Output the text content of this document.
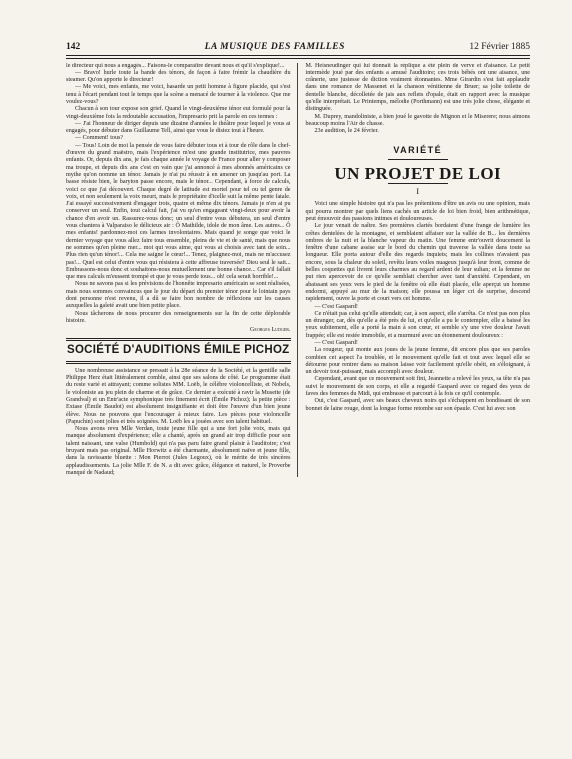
142	LA MUSIQUE DES FAMILLES	12 Février 1885

le directeur qui nous a engagés... Faisons-le comparaître devant nous et qu'il s'explique!...

— Bravo! hurle toute la bande des ténors, de façon à faire frémir la chaudière du steamer. Qu'on apporte le directeur!

— Me voici, mes enfants, me voici, hasarde un petit homme à figure placide, qui s'est tenu à l'écart pendant tout le temps que la scène a menacé de tourner à la violence. Que me voulez-vous?

Chacun à son tour expose son grief. Quand le vingt-deuxième ténor eut formulé pour la vingt-deuxième fois la redoutable accusation, l'impresario prit la parole en ces termes :

— J'ai l'honneur de diriger depuis une dizaine d'années le théâtre pour lequel je vous ai engagés, pour débuter dans Guillaume Tell, ainsi que vous le disiez tout à l'heure.

— Comment! tous?

— Tous! Loin de moi la pensée de vous faire débuter tous et à tour de rôle dans le chef-d'œuvre du grand maëstro, mais l'expérience m'est une grande institutrice, mes pauvres enfants. Or, depuis dix ans, je fais chaque année le voyage de France pour aller y composer ma troupe, et depuis dix ans c'est en vain que j'ai annoncé à mes abonnés américains ce mythe qu'on nomme un ténor. Jamais je n'ai pu réussir à en amener un jusqu'au port. La basse résiste bien, le baryton passe encore, mais le ténor... Cependant, à force de calculs, voici ce que j'ai découvert. Chaque degré de latitude est mortel pour tel ou tel genre de voix, et non seulement la voix meurt, mais le propriétaire d'icelle suit la même pente fatale. J'ai essayé successivement d'engager trois, quatre et même dix ténors. Jamais je n'en ai pu conserver un seul. Enfin, tout calcul fait, j'ai vu qu'en engageant vingt-deux pour avoir la chance d'en avoir un. Rassurez-vous donc; un seul d'entre vous débutera, un seul d'entre vous chantera à Valparaiso le délicieux air : Ô Mathilde, idole de mon âme. Les autres... Ô mes enfants! pardonnez-moi ces larmes involontaires. Mais quand je songe que voici le dernier voyage que vous allez faire tous ensemble, pleins de vie et de santé, mais que nous ne sommes qu'en pleine mer... moi qui vous aime, qui vous ai choisis avec tant de soin... Plus rien qu'un ténor!... Cela me saigne le cœur!... Tenez, plaignez-moi, mais ne m'accusez pas!... Quel est celui d'entre vous qui résistera à cette affreuse traversée? Dieu seul le sait... Embrassons-nous donc et souhaitons-nous mutuellement une bonne chance... Car s'il fallait que mes calculs m'eussent trompé et que je vous perde tous... oh! cela serait horrible!...

Nous ne savons pas si les prévisions de l'honnête impresario américain se sont réalisées, mais nous sommes convaincus que le jour du départ du premier ténor pour le lointain pays dont personne n'est revenu, il a dû se faire bon nombre de réflexions sur les causes auxquelles la gaîeté avait une bien petite place.

Nous tâcherons de nous procurer des renseignements sur la fin de cette déplorable histoire.

Georges Ludger.

SOCIÉTÉ D'AUDITIONS ÉMILE PICHOZ

Une nombreuse assistance se pressait à la 28e séance de la Société, et la gentille salle Philippe Herz était littéralement comble, ainsi que ses salons de côté. Le programme était du reste varié et attrayant; comme solistes MM. Loëb, le célèbre violoncelliste, et Nobels, le violoniste au jeu plein de charme et de grâce. Ce dernier a exécuté à ravir la Musette (de Grandval) et un Entr'acte symphonique très finement écrit (Émile Pichoz); la petite pièce : Extase (Émile Baudot) est absolument insignifiante et doit être l'œuvre d'un bien jeune élève. Nous ne pouvons que l'encourager à mieux faire. Les pièces pour violoncelle (Papuchin) sont jolies et très soignées. M. Loëb les a jouées avec son talent habituel.

Nous avons revu Mlle Verdan, toute jeune fille qui a une fort jolie voix, mais qui manque absolument d'expérience; elle a chanté, après un grand air trop difficile pour son talent naissant, une valse (Humbold) qui n'a pas paru faire grand plaisir à l'auditoire; c'est bruyant mais pas original. Mlle Horwitz a été charmante, absolument naïve et jeune fille, dans la ravissante bluette : Mon Pierrot (Jules Legoux), où le mérite de très sincères applaudissements. La jolie Mlle F. de N. a dit avec grâce, élégance et naturel, le Proverbe manqué de Nadaud;

M. Heisneudinger qui lui donnait la réplique a été plein de verve et d'aisance. Le petit intermède joué par des enfants a amusé l'auditoire; ces trois bébés ont une aisance, une crânerie, une justesse de diction vraiment étonnantes. Mme Girardin s'est fait applaudir dans une romance de Massenet et la chanson vénitienne de Bruer; sa jolie toilette de dentelle blanche, décolletée de jais aux reflets d'opale, était en rapport avec la musique qu'elle interprétait. Le Printemps, mélodie (Porthmann) est une très jolie chose, élégante et distinguée.

M. Duprey, mandoliniste, a bien joué le gavotte de Mignon et le Miserere; nous aimons beaucoup moins l'Air de chasse.

23e audition, le 24 février.

VARIÉTÉ
UN PROJET DE LOI
I

Voici une simple histoire qui n'a pas les prétentions d'être un avis ou une opinion, mais qui pourra montrer par quels liens cachés un article de loi bien froid, bien arithmétique, peut émouvoir des passions intimes et douloureuses.

Le jour venait de naître. Ses premières clartés bordaient d'une frange de lumière les crêtes dentelées de la montagne, et semblaient affaiser sur la vallée de B... les dernières ombres de la nuit et la blanche vapeur du matin. Une femme entr'ouvrit doucement la fenêtre d'une cabane assise sur le bord du chemin qui traverse la vallée dans toute sa longueur. Elle porta autour d'elle des regards inquiets; mais les collines n'avaient pas encore, sous la chaleur du soleil, revêtu leurs voiles nuageux jusqu'à leur front, comme de belles coquettes qui livrent leurs charmes au regard ardent de leur sultan; et la femme ne put rien apercevoir de ce qu'elle semblait chercher avec tant d'anxiété. Cependant, en abaissant ses yeux vers le pied de la fenêtre où elle était placée, elle aperçut un homme endormi, appuyé au mur de la maison; elle poussa un léger cri de surprise, descend rapidement, ouvre la porte et court vers cet homme.

— C'est Gaspard!

Ce n'était pas celui qu'elle attendait; car, à son aspect, elle s'arrêta. Ce n'est pas non plus un étranger, car, dès qu'elle a été près de lui, et qu'elle a pu le contempler, elle a baissé les yeux subitement, elle a porté la main à son cœur, et semble s'y une vive douleur l'avait frappée; elle est restée immobile, et a murmuré avec un étonnement douloureux :

— C'est Gaspard!

La rougeur, qui monte aux joues de la jeune femme, dit encore plus que ses paroles combien cet aspect l'a troublée, et le mouvement qu'elle fait et tout avec lequel elle se détourne pour rentrer dans sa maison laisse voir facilement qu'elle obéit, en s'éloignant, à un devoir tout-puissant, mais accompli avec douleur.

Cependant, avant que ce mouvement soit fini, Jeannette a relevé les yeux, sa tête n'a pas suivi le mouvement de son corps, et elle a regardé Gaspard avec ce regard des yeux de faves des femmes du Midi, qui embrasse et parcourt à la fois ce qu'il contemple.

Oui, c'est Gaspard, avec ses beaux cheveux noirs qui s'échappent en bondissant de son bonnet de laine rouge, dont la longue forme retombe sur son épaule. C'est lui avec son
